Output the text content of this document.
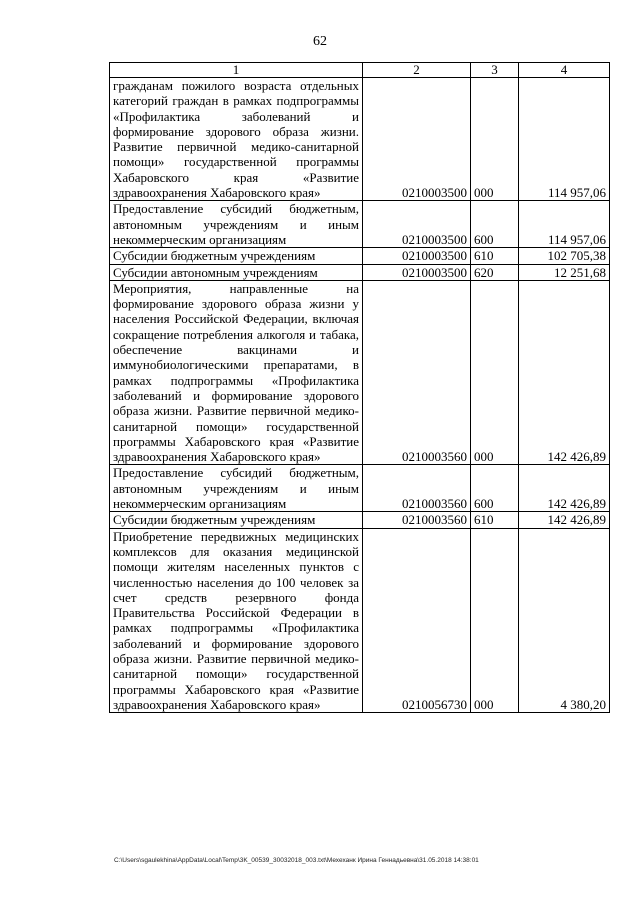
62
1	2	3	4
гражданам пожилого возраста отдельных категорий граждан в рамках подпрограммы «Профилактика заболеваний и формирование здорового образа жизни. Развитие первичной медико-санитарной помощи» государственной программы Хабаровского края «Развитие здравоохранения Хабаровского края»	0210003500	000	114 957,06
Предоставление субсидий бюджетным, автономным учреждениям и иным некоммерческим организациям	0210003500	600	114 957,06
Субсидии бюджетным учреждениям	0210003500	610	102 705,38
Субсидии автономным учреждениям	0210003500	620	12 251,68
Мероприятия, направленные на формирование здорового образа жизни у населения Российской Федерации, включая сокращение потребления алкоголя и табака, обеспечение вакцинами и иммунобиологическими препаратами, в рамках подпрограммы «Профилактика заболеваний и формирование здорового образа жизни. Развитие первичной медико-санитарной помощи» государственной программы Хабаровского края «Развитие здравоохранения Хабаровского края»	0210003560	000	142 426,89
Предоставление субсидий бюджетным, автономным учреждениям и иным некоммерческим организациям	0210003560	600	142 426,89
Субсидии бюджетным учреждениям	0210003560	610	142 426,89
Приобретение передвижных медицинских комплексов для оказания медицинской помощи жителям населенных пунктов с численностью населения до 100 человек за счет средств резервного фонда Правительства Российской Федерации в рамках подпрограммы «Профилактика заболеваний и формирование здорового образа жизни. Развитие первичной медико-санитарной помощи» государственной программы Хабаровского края «Развитие здравоохранения Хабаровского края»	0210056730	000	4 380,20
C:\Users\sgaulekhina\AppData\Local\Temp\3K_00539_30032018_003.txt\Мехеханк Ирина Геннадьевна\31.05.2018 14:38:01
